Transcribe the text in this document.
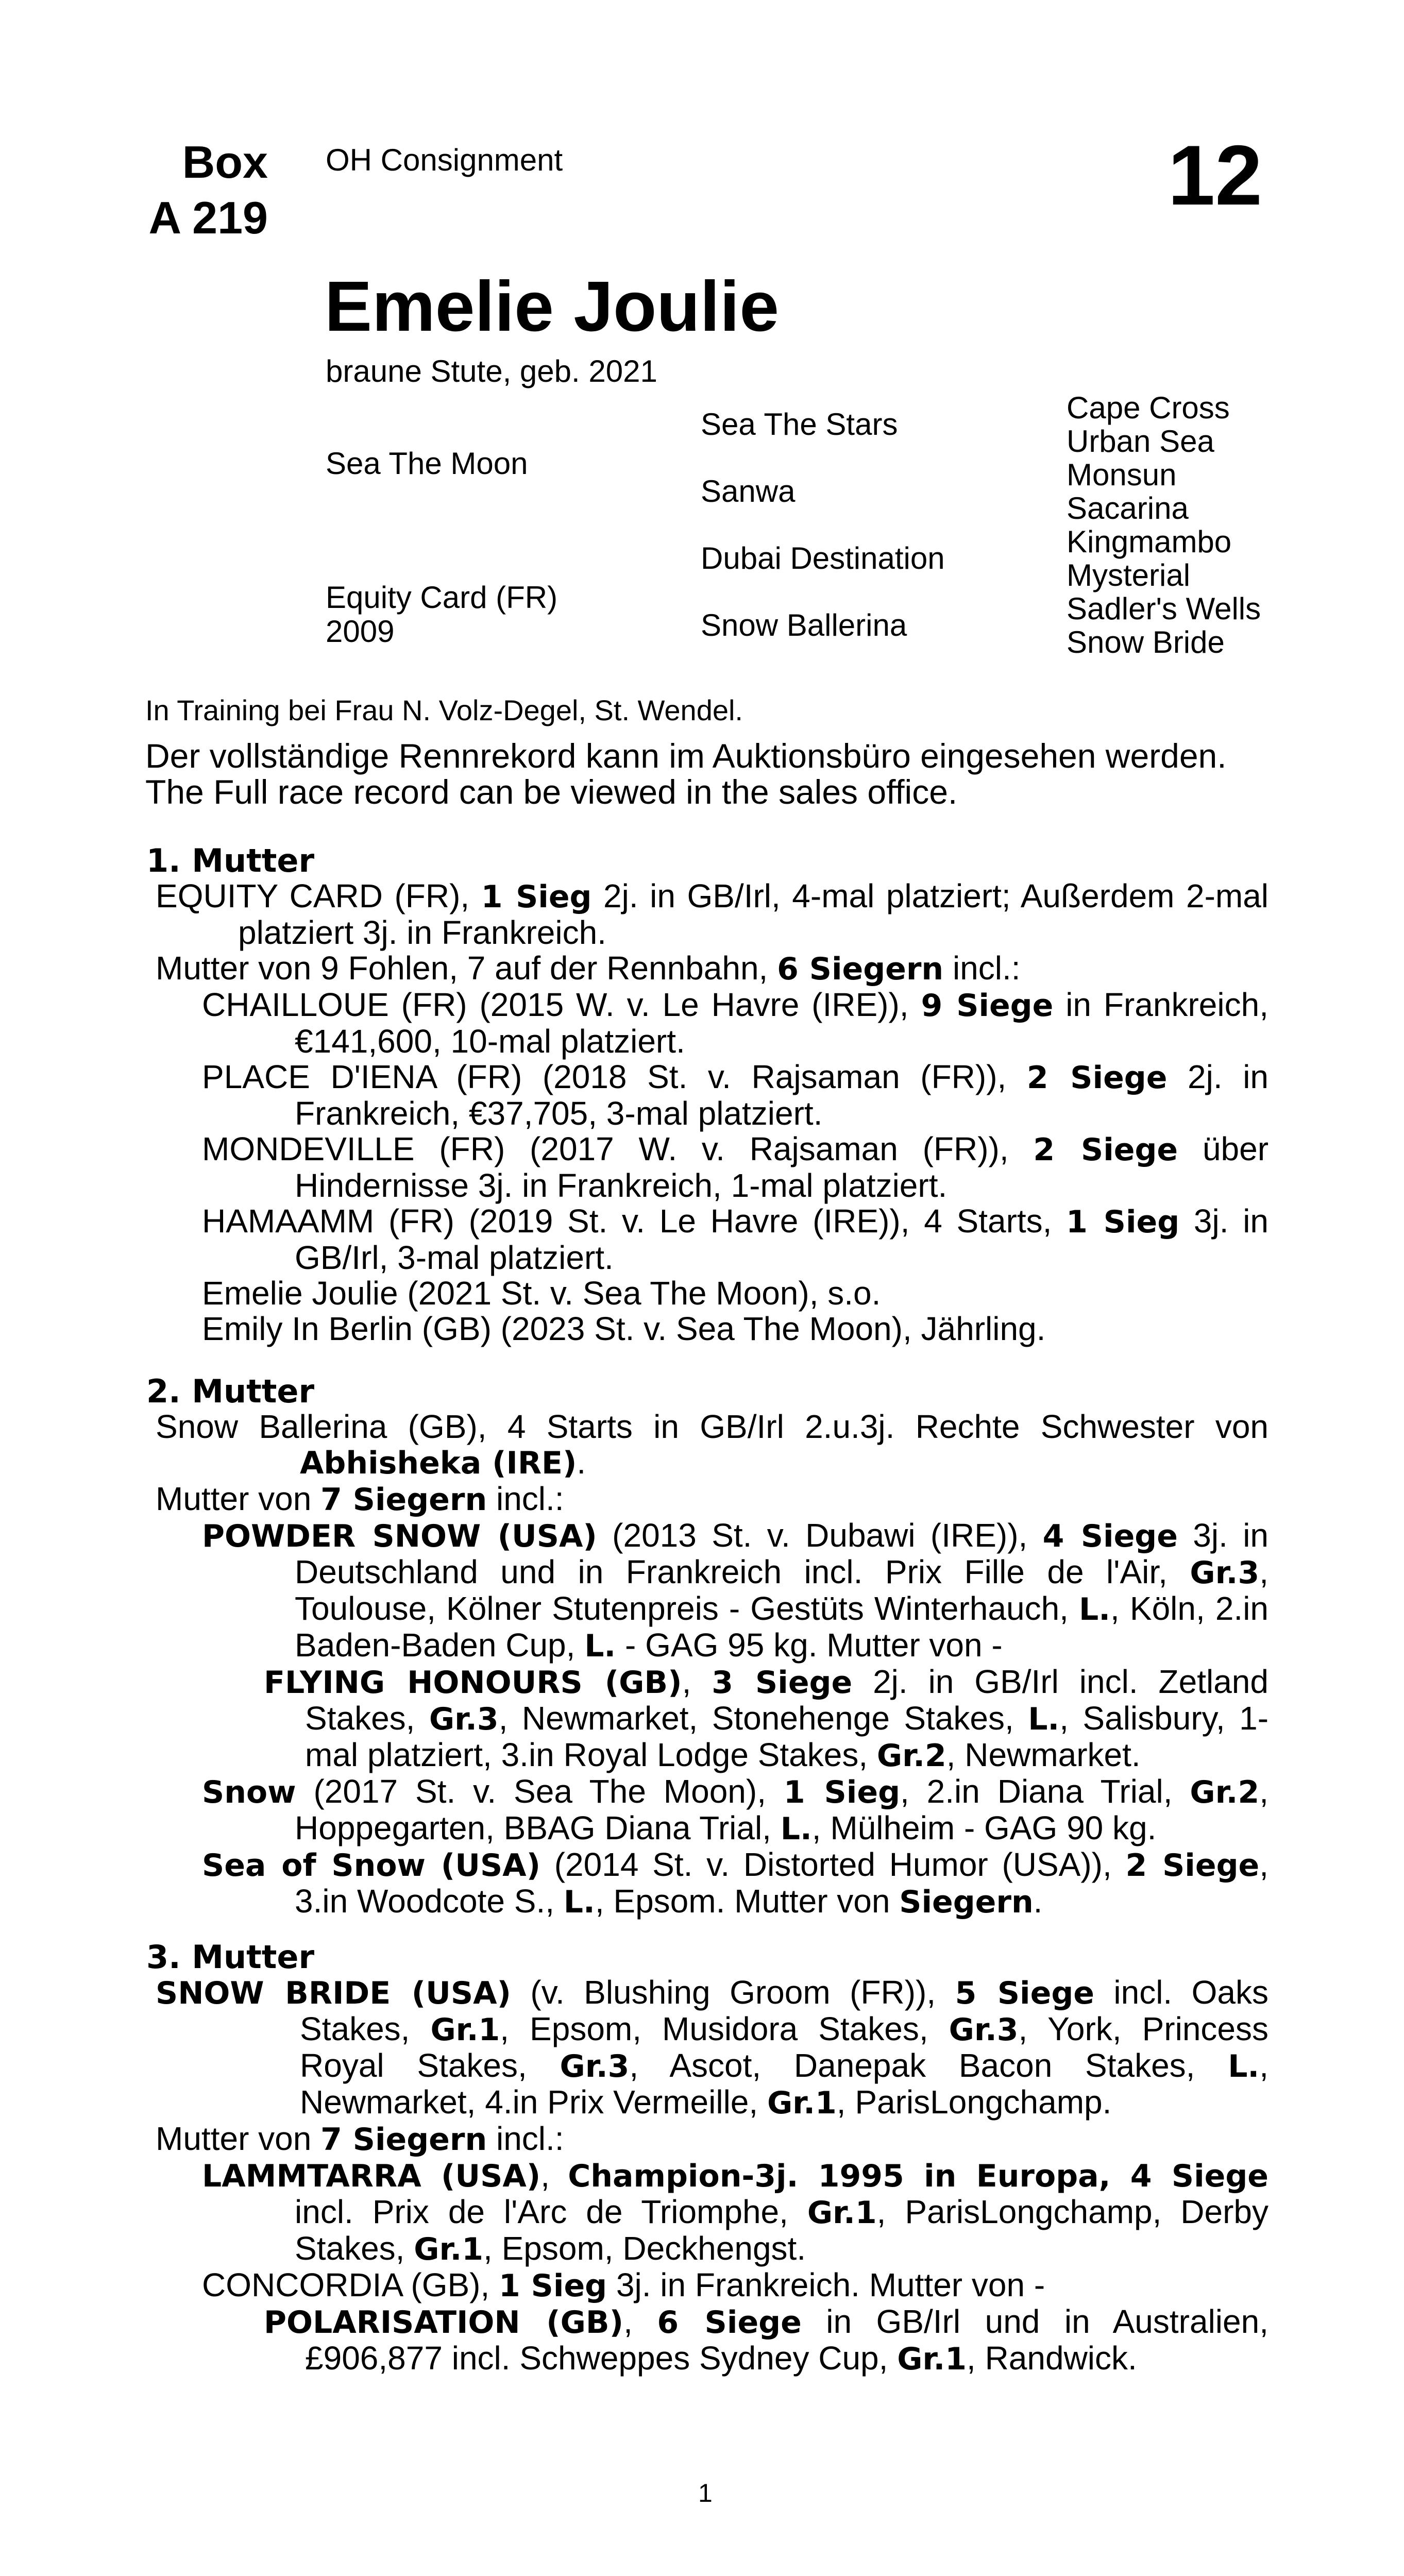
Box
A 219
OH Consignment	12
Emelie Joulie
braune Stute, geb. 2021
Sea The Moon
Equity Card (FR)
2009
Sea The Stars
Sanwa
Dubai Destination
Snow Ballerina
Cape Cross
Urban Sea
Monsun
Sacarina
Kingmambo
Mysterial
Sadler's Wells
Snow Bride
In Training bei Frau N. Volz-Degel, St. Wendel.
Der vollständige Rennrekord kann im Auktionsbüro eingesehen werden.
The Full race record can be viewed in the sales office.
1. Mutter
EQUITY CARD (FR), 1 Sieg 2j. in GB/Irl, 4-mal platziert; Außerdem 2-mal platziert 3j. in Frankreich.
Mutter von 9 Fohlen, 7 auf der Rennbahn, 6 Siegern incl.:
CHAILLOUE (FR) (2015 W. v. Le Havre (IRE)), 9 Siege in Frankreich, €141,600, 10-mal platziert.
PLACE D'IENA (FR) (2018 St. v. Rajsaman (FR)), 2 Siege 2j. in Frankreich, €37,705, 3-mal platziert.
MONDEVILLE (FR) (2017 W. v. Rajsaman (FR)), 2 Siege über Hindernisse 3j. in Frankreich, 1-mal platziert.
HAMAAMM (FR) (2019 St. v. Le Havre (IRE)), 4 Starts, 1 Sieg 3j. in GB/Irl, 3-mal platziert.
Emelie Joulie (2021 St. v. Sea The Moon), s.o.
Emily In Berlin (GB) (2023 St. v. Sea The Moon), Jährling.
2. Mutter
Snow Ballerina (GB), 4 Starts in GB/Irl 2.u.3j. Rechte Schwester von Abhisheka (IRE).
Mutter von 7 Siegern incl.:
POWDER SNOW (USA) (2013 St. v. Dubawi (IRE)), 4 Siege 3j. in Deutschland und in Frankreich incl. Prix Fille de l'Air, Gr.3, Toulouse, Kölner Stutenpreis - Gestüts Winterhauch, L., Köln, 2.in Baden-Baden Cup, L. - GAG 95 kg. Mutter von -
FLYING HONOURS (GB), 3 Siege 2j. in GB/Irl incl. Zetland Stakes, Gr.3, Newmarket, Stonehenge Stakes, L., Salisbury, 1-mal platziert, 3.in Royal Lodge Stakes, Gr.2, Newmarket.
Snow (2017 St. v. Sea The Moon), 1 Sieg, 2.in Diana Trial, Gr.2, Hoppegarten, BBAG Diana Trial, L., Mülheim - GAG 90 kg.
Sea of Snow (USA) (2014 St. v. Distorted Humor (USA)), 2 Siege, 3.in Woodcote S., L., Epsom. Mutter von Siegern.
3. Mutter
SNOW BRIDE (USA) (v. Blushing Groom (FR)), 5 Siege incl. Oaks Stakes, Gr.1, Epsom, Musidora Stakes, Gr.3, York, Princess Royal Stakes, Gr.3, Ascot, Danepak Bacon Stakes, L., Newmarket, 4.in Prix Vermeille, Gr.1, ParisLongchamp.
Mutter von 7 Siegern incl.:
LAMMTARRA (USA), Champion-3j. 1995 in Europa, 4 Siege incl. Prix de l'Arc de Triomphe, Gr.1, ParisLongchamp, Derby Stakes, Gr.1, Epsom, Deckhengst.
CONCORDIA (GB), 1 Sieg 3j. in Frankreich. Mutter von -
POLARISATION (GB), 6 Siege in GB/Irl und in Australien, £906,877 incl. Schweppes Sydney Cup, Gr.1, Randwick.
1
